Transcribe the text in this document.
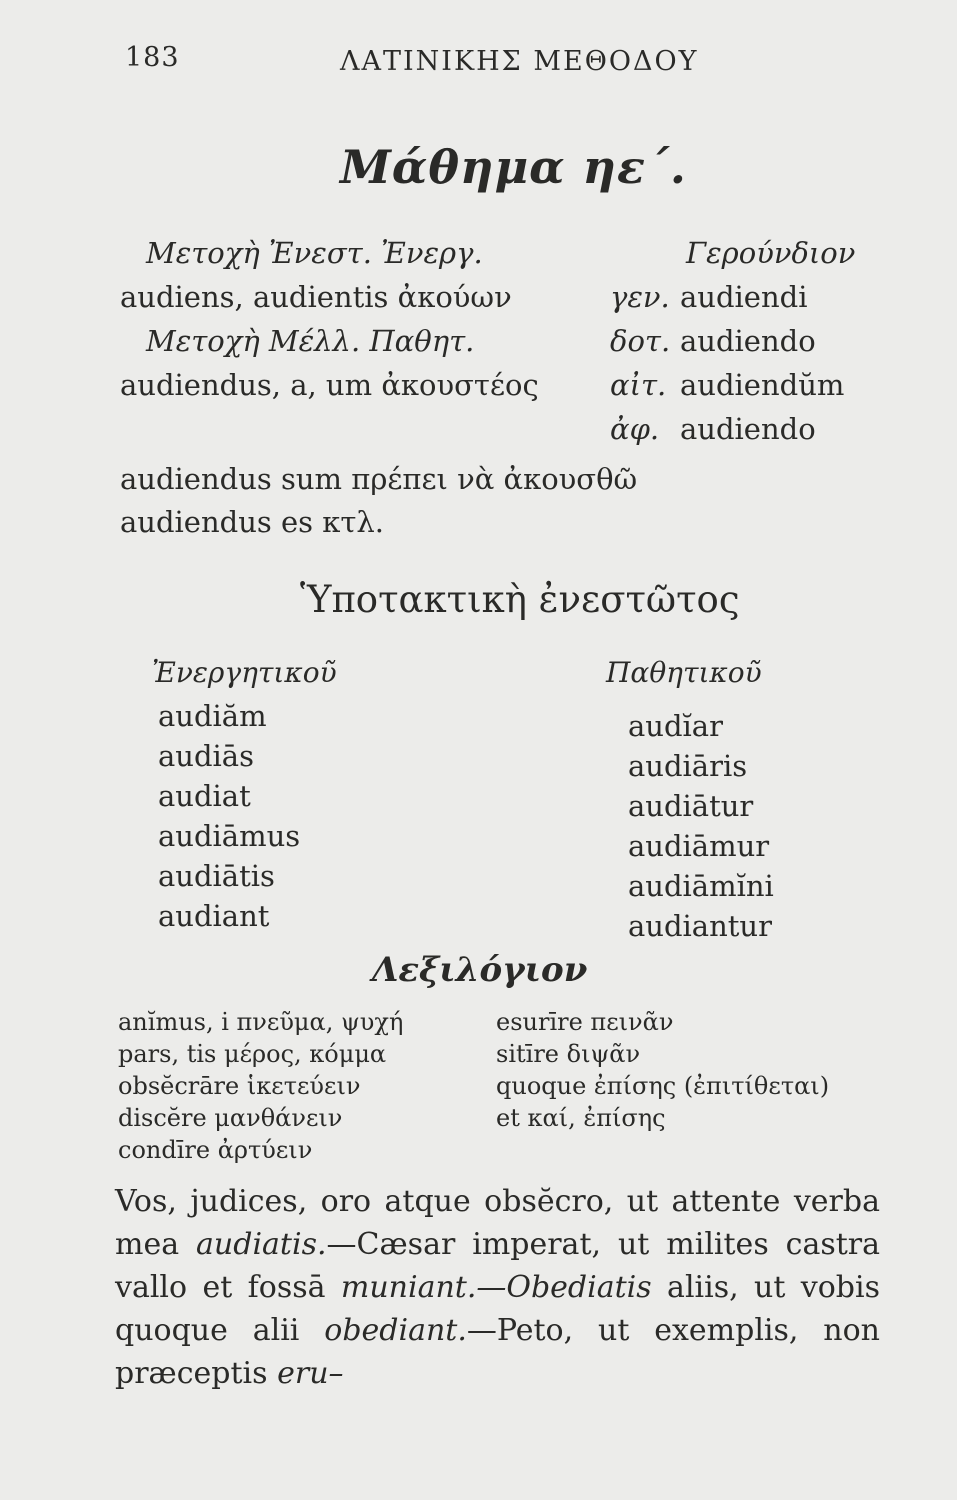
183	ΛΑΤΙΝΙΚΗΣ ΜΕΘΟΔΟΥ
Μάθημα ηε΄.
Μετοχὴ Ἐνεστ. Ἐνεργ.
audiens, audientis ἀκούων
Μετοχὴ Μέλλ. Παθητ.
audiendus, a, um ἀκουστέος
audiendus sum πρέπει νὰ ἀκουσθῶ
audiendus es κτλ.
Γερούνδιον
γεν. audiendi
δοτ. audiendo
αἰτ. audiendŭm
ἀφ. audiendo
Ὑποτακτικὴ ἐνεστῶτος
Ἐνεργητικοῦ
audiăm
audiās
audiat
audiāmus
audiātis
audiant
Παθητικοῦ
audĭar
audiāris
audiātur
audiāmur
audiāmĭni
audiantur
Λεξιλόγιον
anĭmus, i πνεῦμα, ψυχή
pars, tis μέρος, κόμμα
obsĕcrāre ἱκετεύειν
discĕre μανθάνειν
condīre ἀρτύειν
esurīre πεινᾶν
sitīre διψᾶν
quoque ἐπίσης (ἐπιτίθεται)
et καί, ἐπίσης
Vos, judices, oro atque obsĕcro, ut attente verba mea audiatis.—Cæsar imperat, ut milites castra vallo et fossā muniant.—Obediatis aliis, ut vobis quoque alii obediant.—Peto, ut exemplis, non præceptis eru–
